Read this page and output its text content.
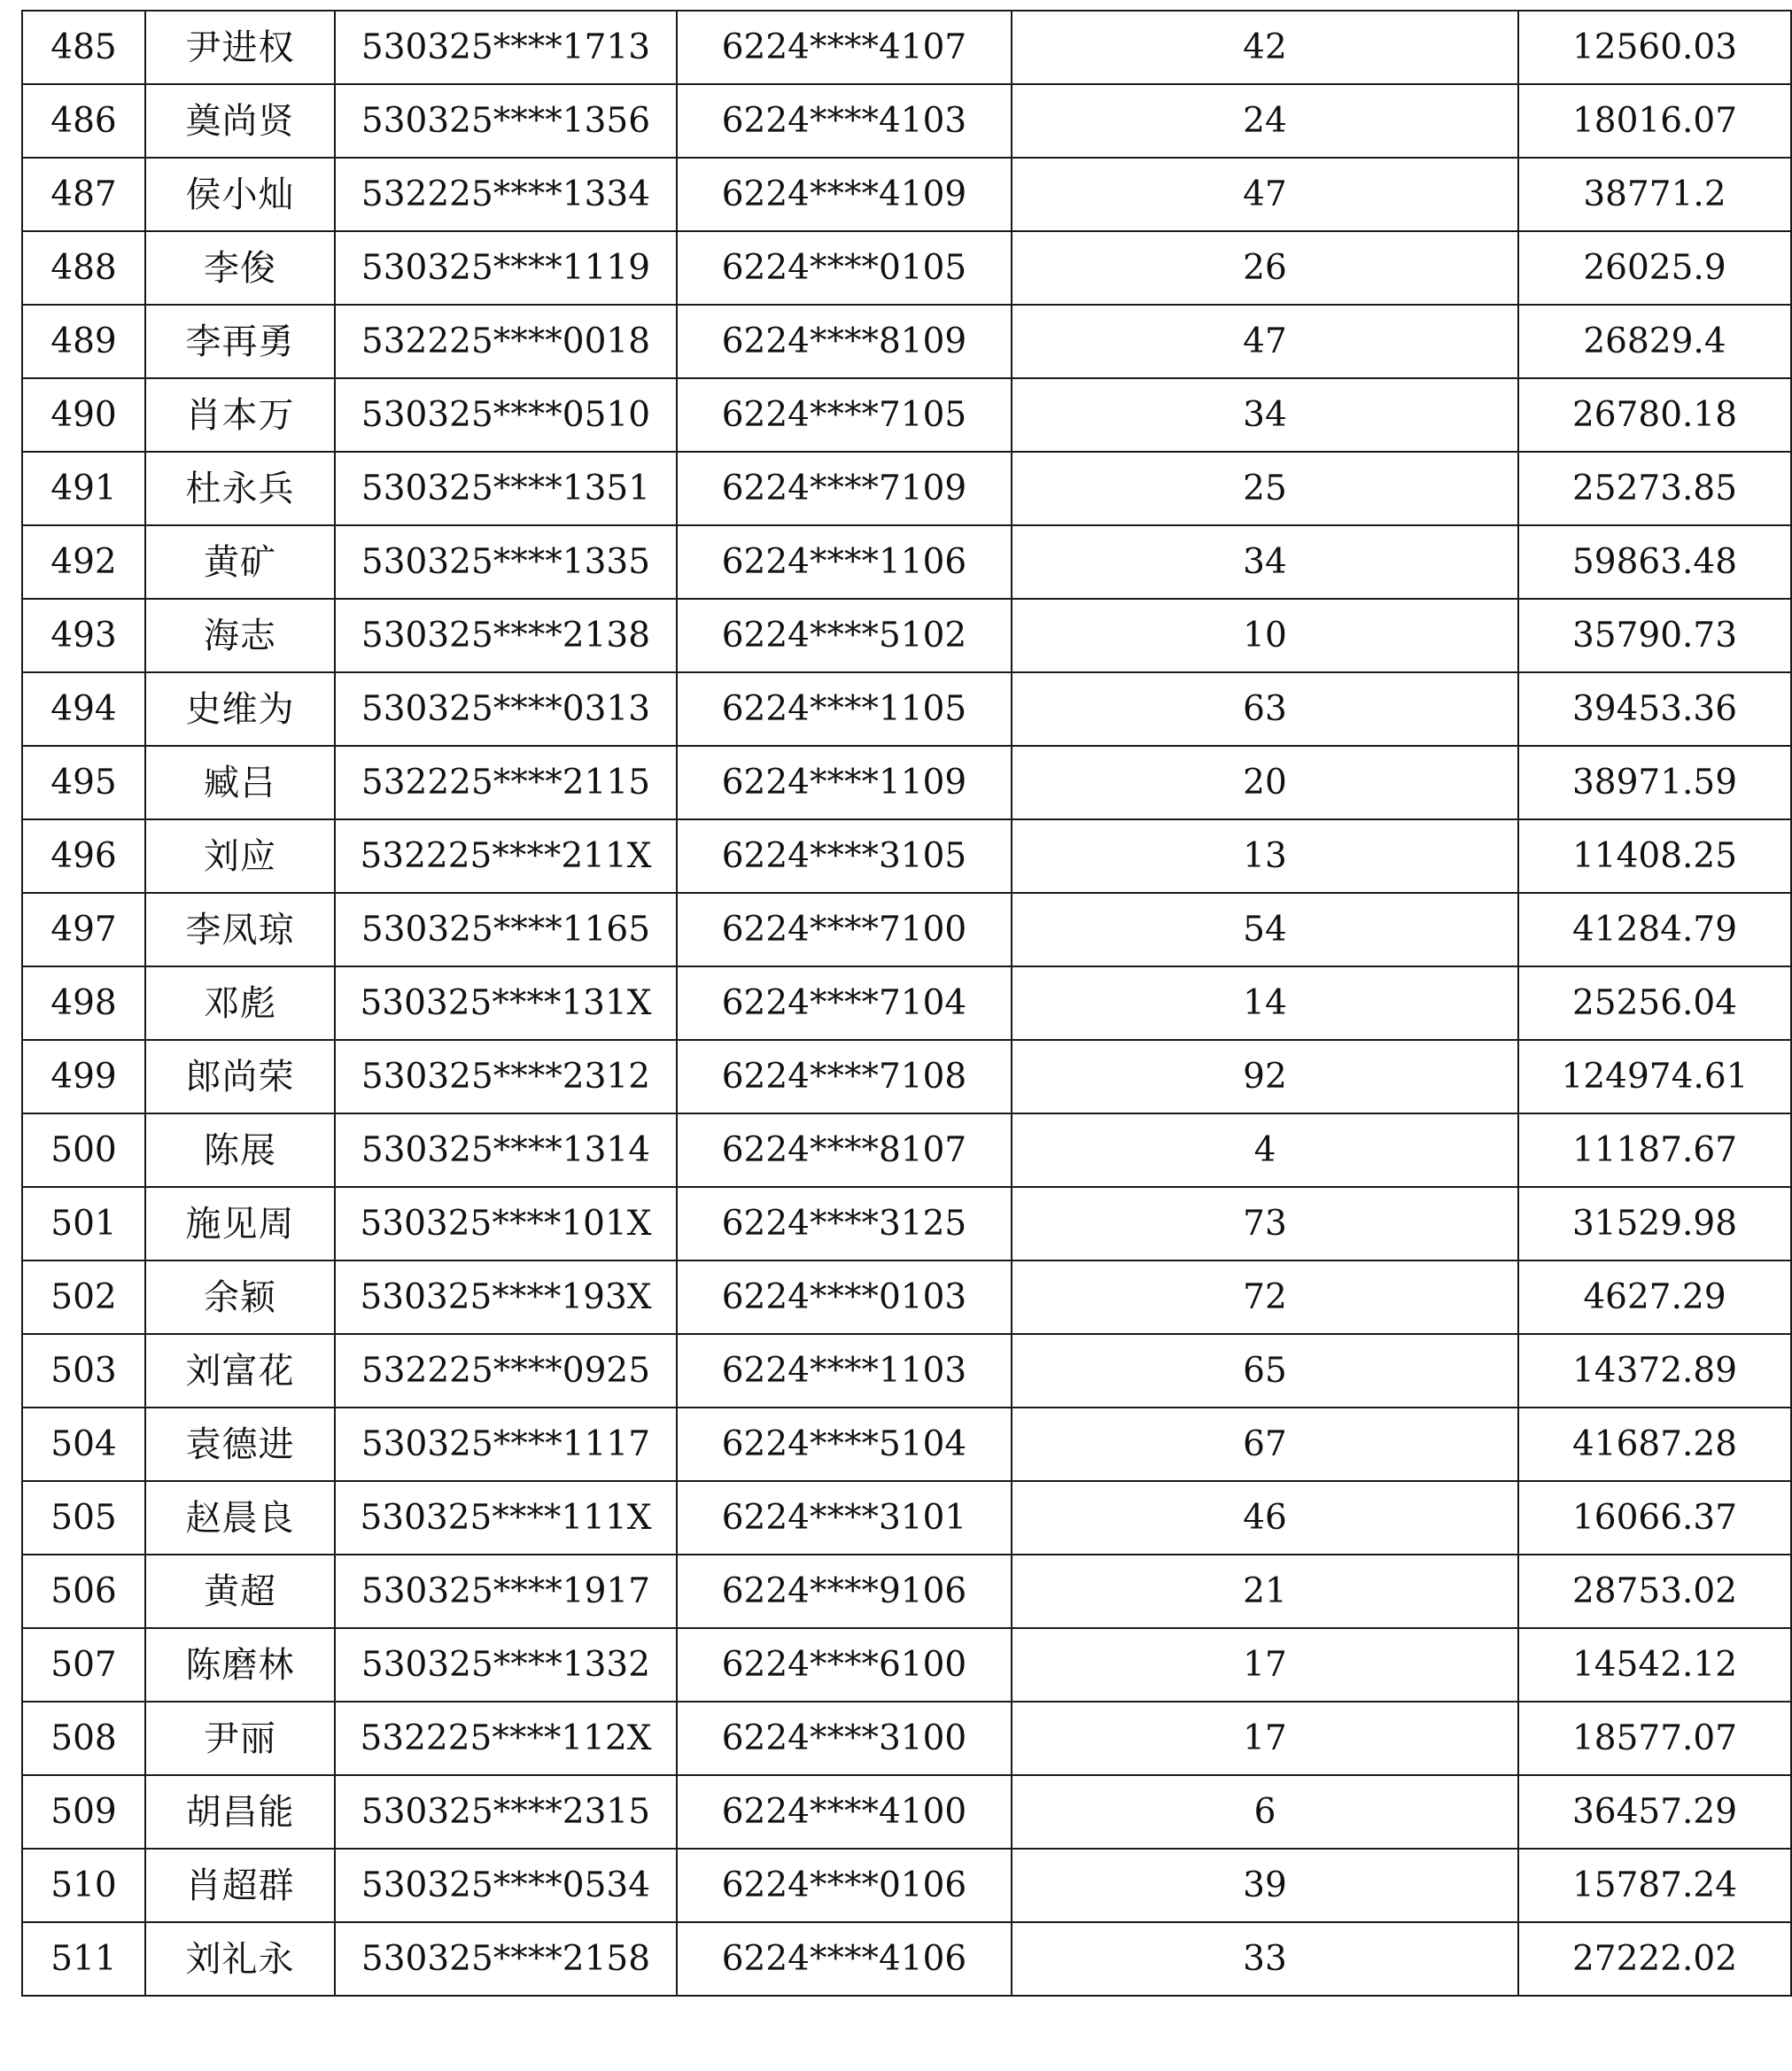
485	尹进权	530325****1713	6224****4107	42	12560.03
486	奠尚贤	530325****1356	6224****4103	24	18016.07
487	侯小灿	532225****1334	6224****4109	47	38771.2
488	李俊	530325****1119	6224****0105	26	26025.9
489	李再勇	532225****0018	6224****8109	47	26829.4
490	肖本万	530325****0510	6224****7105	34	26780.18
491	杜永兵	530325****1351	6224****7109	25	25273.85
492	黄矿	530325****1335	6224****1106	34	59863.48
493	海志	530325****2138	6224****5102	10	35790.73
494	史维为	530325****0313	6224****1105	63	39453.36
495	臧吕	532225****2115	6224****1109	20	38971.59
496	刘应	532225****211X	6224****3105	13	11408.25
497	李凤琼	530325****1165	6224****7100	54	41284.79
498	邓彪	530325****131X	6224****7104	14	25256.04
499	郎尚荣	530325****2312	6224****7108	92	124974.61
500	陈展	530325****1314	6224****8107	4	11187.67
501	施见周	530325****101X	6224****3125	73	31529.98
502	余颖	530325****193X	6224****0103	72	4627.29
503	刘富花	532225****0925	6224****1103	65	14372.89
504	袁德进	530325****1117	6224****5104	67	41687.28
505	赵晨良	530325****111X	6224****3101	46	16066.37
506	黄超	530325****1917	6224****9106	21	28753.02
507	陈磨林	530325****1332	6224****6100	17	14542.12
508	尹丽	532225****112X	6224****3100	17	18577.07
509	胡昌能	530325****2315	6224****4100	6	36457.29
510	肖超群	530325****0534	6224****0106	39	15787.24
511	刘礼永	530325****2158	6224****4106	33	27222.02
